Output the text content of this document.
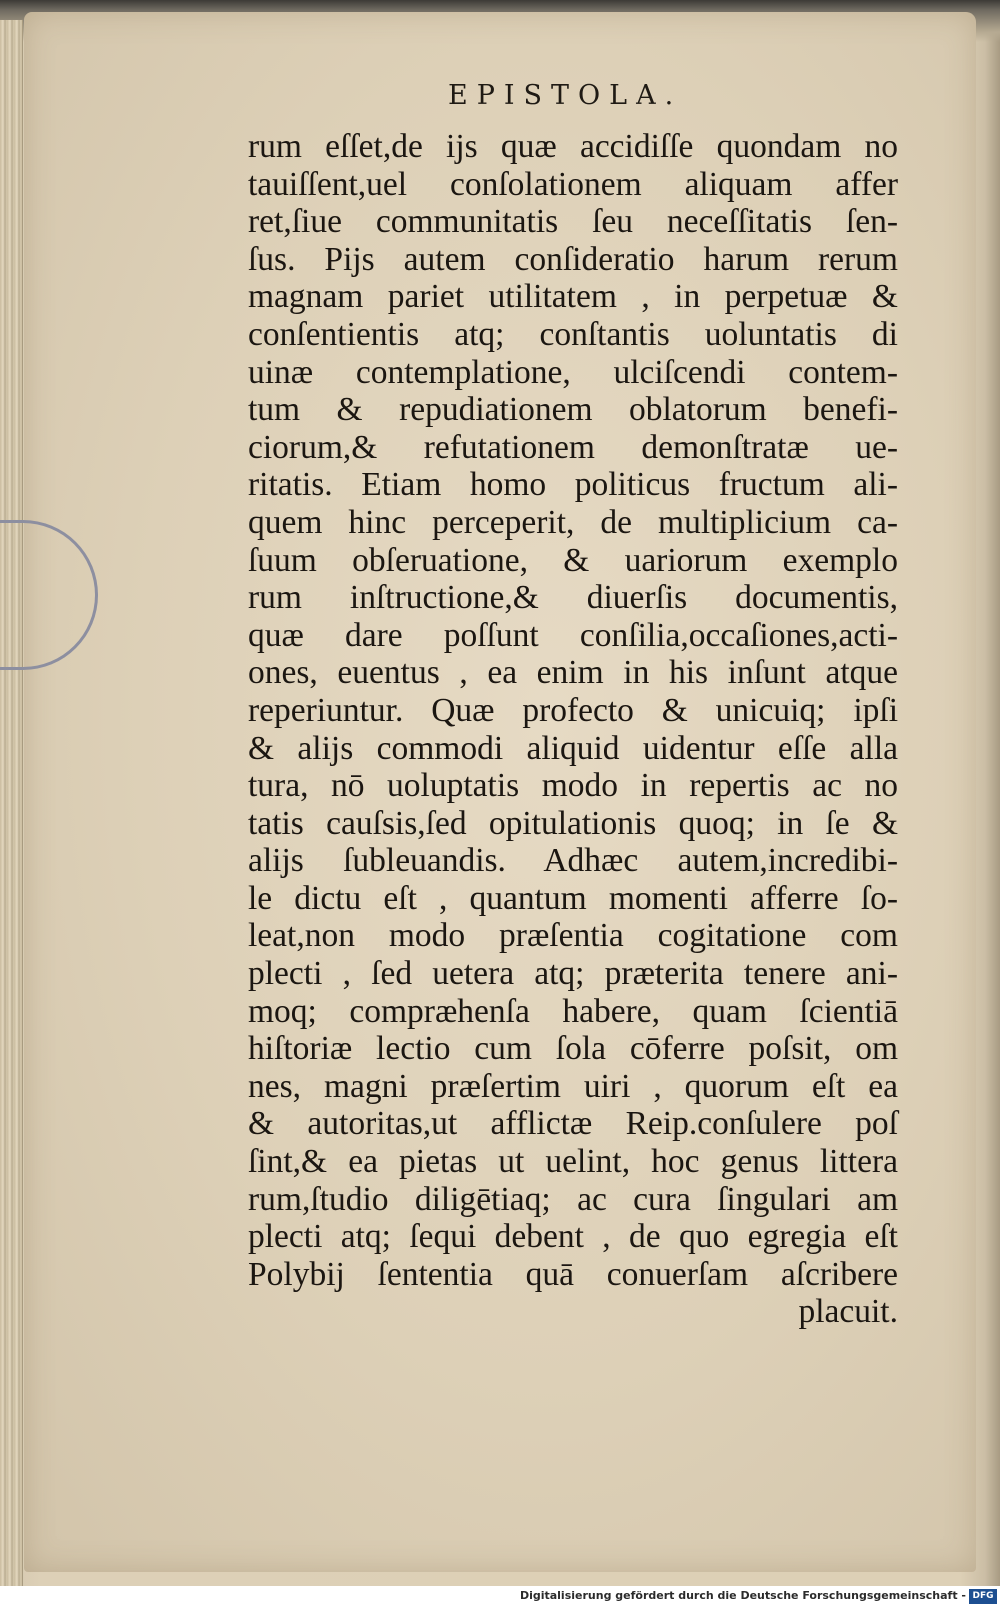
EPISTOLA.
rum eſſet,de ijs quæ accidiſſe quondam no
tauiſſent,uel conſolationem aliquam affer
ret,ſiue communitatis ſeu neceſſitatis ſen-
ſus. Pijs autem conſideratio harum rerum
magnam pariet utilitatem , in perpetuæ &
conſentientis atq; conſtantis uoluntatis di
uinæ contemplatione, ulciſcendi contem-
tum & repudiationem oblatorum benefi-
ciorum,& refutationem demonſtratæ ue-
ritatis. Etiam homo politicus fructum ali-
quem hinc perceperit, de multiplicium ca-
ſuum obſeruatione, & uariorum exemplo
rum inſtructione,& diuerſis documentis,
quæ dare poſſunt conſilia,occaſiones,acti-
ones, euentus , ea enim in his inſunt atque
reperiuntur. Quæ profecto & unicuiq; ipſi
& alijs commodi aliquid uidentur eſſe alla
tura, nō uoluptatis modo in repertis ac no
tatis cauſsis,ſed opitulationis quoq; in ſe &
alijs ſubleuandis. Adhæc autem,incredibi-
le dictu eſt , quantum momenti afferre ſo-
leat,non modo præſentia cogitatione com
plecti , ſed uetera atq; præterita tenere ani-
moq; compræhenſa habere, quam ſcientiā
hiſtoriæ lectio cum ſola cōferre poſsit, om
nes, magni præſertim uiri , quorum eſt ea
& autoritas,ut afflictæ Reip.conſulere poſ
ſint,& ea pietas ut uelint, hoc genus littera
rum,ſtudio diligētiaq; ac cura ſingulari am
plecti atq; ſequi debent , de quo egregia eſt
Polybij ſententia quā conuerſam aſcribere
placuit.
Digitalisierung gefördert durch die Deutsche Forschungsgemeinschaft - DFG
